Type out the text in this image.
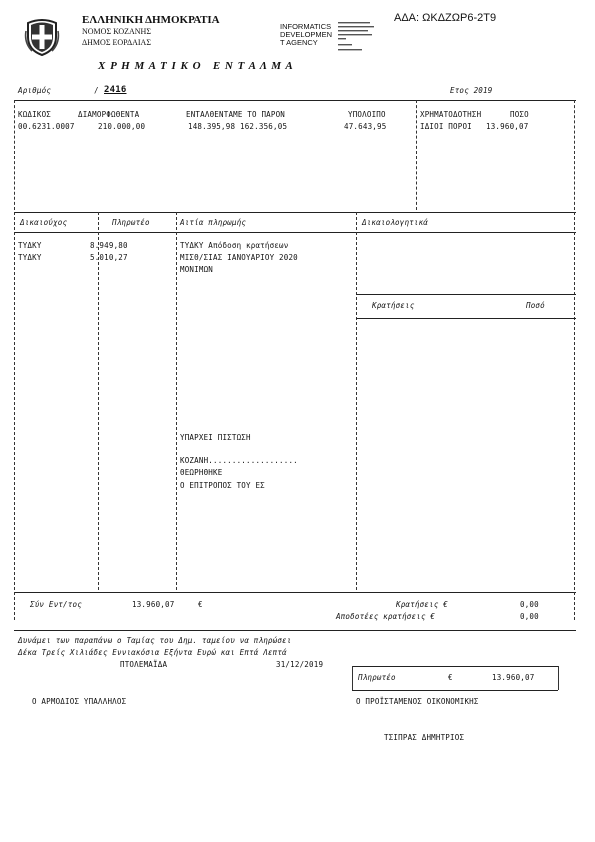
ΕΛΛΗΝΙΚΗ ΔΗΜΟΚΡΑΤΙΑ
ΝΟΜΟΣ ΚΟΖΑΝΗΣ
ΔΗΜΟΣ ΕΟΡΔΑΙΑΣ
INFORMATICS
DEVELOPMEN
T AGENCY
ΑΔΑ: ΩΚΔΖΩΡ6-2Τ9
Χ Ρ Η Μ Α Τ Ι Κ Ο   Ε Ν Τ Α Λ Μ Α
Αριθμός	/ 2416	Ετος 2019
ΚΩΔΙΚΟΣ	ΔΙΑΜΟΡΦΩΘΕΝΤΑ	ΕΝΤΑΛΘΕΝΤΑΜΕ ΤΟ ΠΑΡΟΝ	ΥΠΟΛΟΙΠΟ	ΧΡΗΜΑΤΟΔΟΤΗΣΗ	ΠΟΣΟ
00.6231.0007	210.000,00	148.395,98 162.356,05	47.643,95	ΙΔΙΟΙ ΠΟΡΟΙ 13.960,07
Δικαιούχος	Πληρωτέο	Αιτία πληρωμής	Δικαιολογητικά
ΤΥΔΚΥ	8.949,80
ΤΥΔΚΥ	5.010,27
ΤΥΔΚΥ Απόδοση κρατήσεων
ΜΙΣΘ/ΣΙΑΣ ΙΑΝΟΥΑΡΙΟΥ 2020
ΜΟΝΙΜΩΝ
Κρατήσεις	Ποσό
ΥΠΑΡΧΕΙ ΠΙΣΤΩΣΗ
ΚΟΖΑΝΗ...................
ΘΕΩΡΗΘΗΚΕ
Ο ΕΠΙΤΡΟΠΟΣ ΤΟΥ ΕΣ
Σύν Εντ/τος	13.960,07	€	Κρατήσεις €	0,00
Αποδοτέες κρατήσεις €	0,00
Δυνάμει των παραπάνω ο Ταμίας του Δημ. ταμείου να πληρώσει
Δέκα Τρείς Χιλιάδες Εννιακόσια Εξήντα Ευρώ και Επτά Λεπτά
ΠΤΟΛΕΜΑΪΔΑ	31/12/2019
Πληρωτέο	€	13.960,07
Ο ΑΡΜΟΔΙΟΣ ΥΠΑΛΛΗΛΟΣ	Ο ΠΡΟΪΣΤΑΜΕΝΟΣ ΟΙΚΟΝΟΜΙΚΗΣ
ΤΣΙΠΡΑΣ ΔΗΜΗΤΡΙΟΣ
